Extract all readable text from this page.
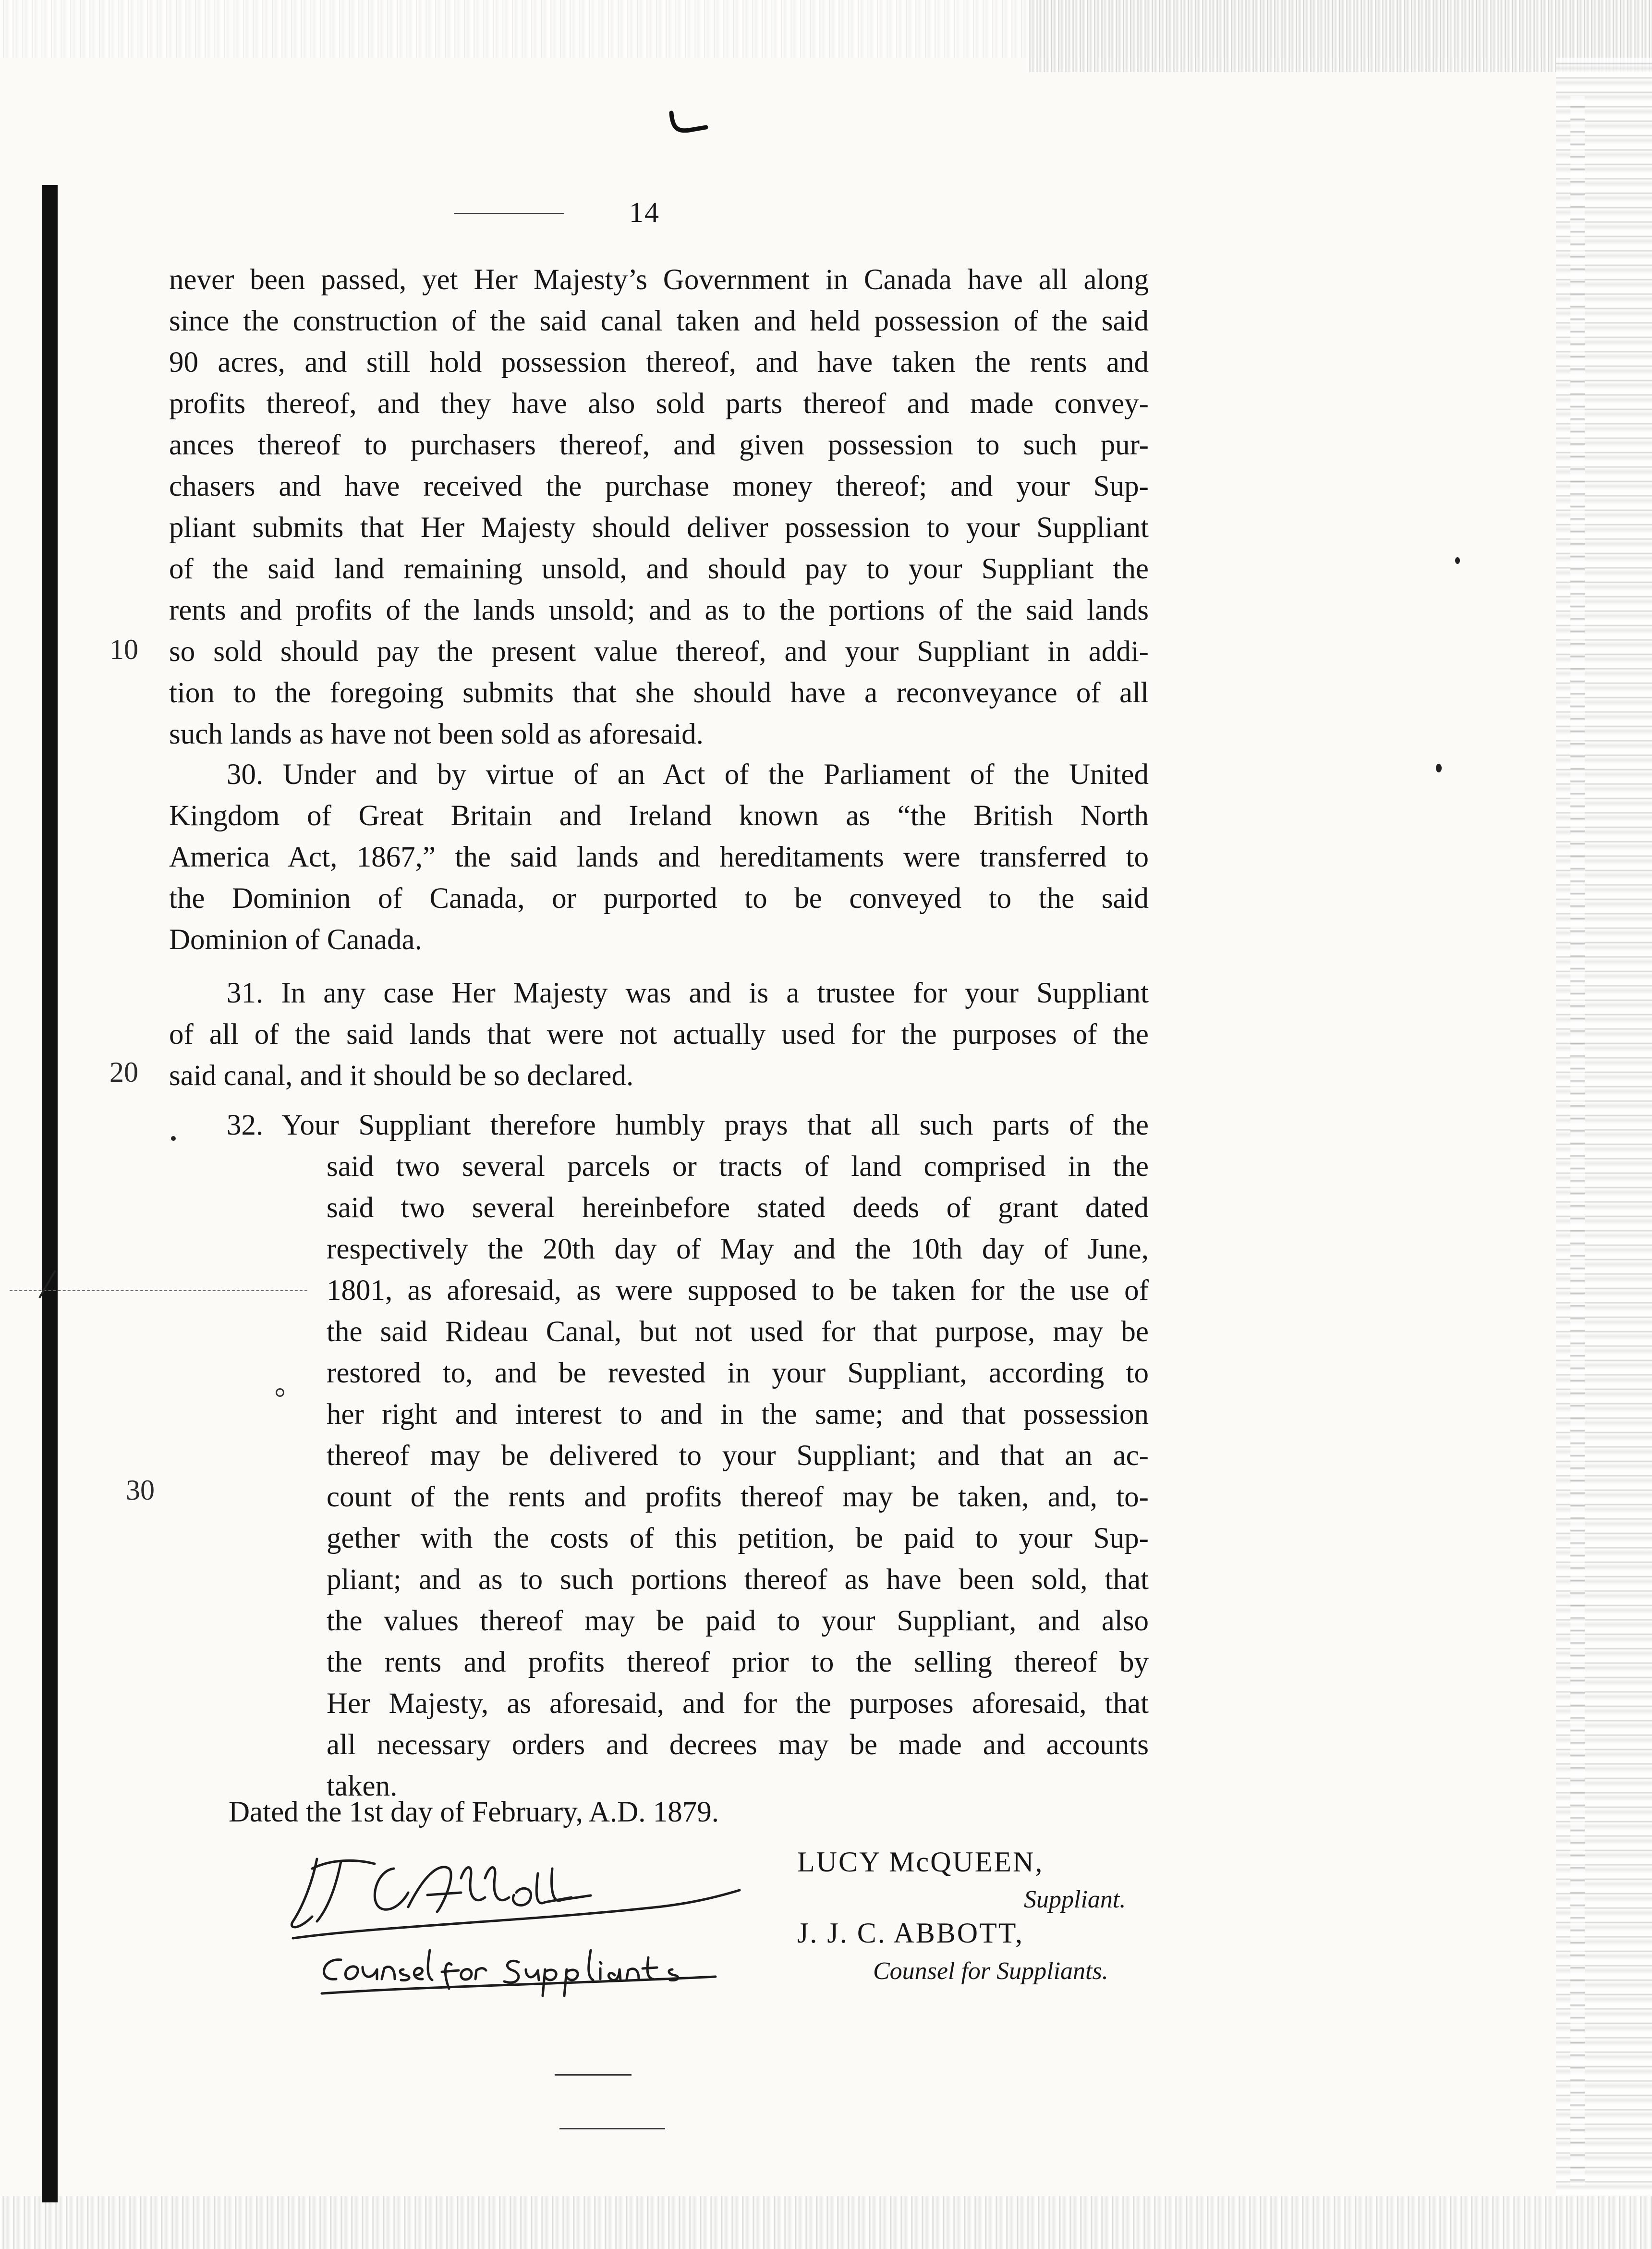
14
never been passed, yet Her Majesty’s Government in Canada have all along
since the construction of the said canal taken and held possession of the said
90 acres, and still hold possession thereof, and have taken the rents and
profits thereof, and they have also sold parts thereof and made convey-
ances thereof to purchasers thereof, and given possession to such pur-
chasers and have received the purchase money thereof; and your Sup-
pliant submits that Her Majesty should deliver possession to your Suppliant
of the said land remaining unsold, and should pay to your Suppliant the
rents and profits of the lands unsold; and as to the portions of the said lands
so sold should pay the present value thereof, and your Suppliant in addi-
tion to the foregoing submits that she should have a reconveyance of all
such lands as have not been sold as aforesaid.
10
30. Under and by virtue of an Act of the Parliament of the United
Kingdom of Great Britain and Ireland known as “the British North
America Act, 1867,” the said lands and hereditaments were transferred to
the Dominion of Canada, or purported to be conveyed to the said
Dominion of Canada.
31. In any case Her Majesty was and is a trustee for your Suppliant
of all of the said lands that were not actually used for the purposes of the
said canal, and it should be so declared.
20
32. Your Suppliant therefore humbly prays that all such parts of the
said two several parcels or tracts of land comprised in the
said two several hereinbefore stated deeds of grant dated
respectively the 20th day of May and the 10th day of June,
1801, as aforesaid, as were supposed to be taken for the use of
the said Rideau Canal, but not used for that purpose, may be
restored to, and be revested in your Suppliant, according to
her right and interest to and in the same; and that possession
thereof may be delivered to your Suppliant; and that an ac-
count of the rents and profits thereof may be taken, and, to-
gether with the costs of this petition, be paid to your Sup-
pliant; and as to such portions thereof as have been sold, that
the values thereof may be paid to your Suppliant, and also
the rents and profits thereof prior to the selling thereof by
Her Majesty, as aforesaid, and for the purposes aforesaid, that
all necessary orders and decrees may be made and accounts
taken.
30
Dated the 1st day of February, A.D. 1879.
LUCY McQUEEN,
Suppliant.
J. J. C. ABBOTT,
Counsel for Suppliants.
